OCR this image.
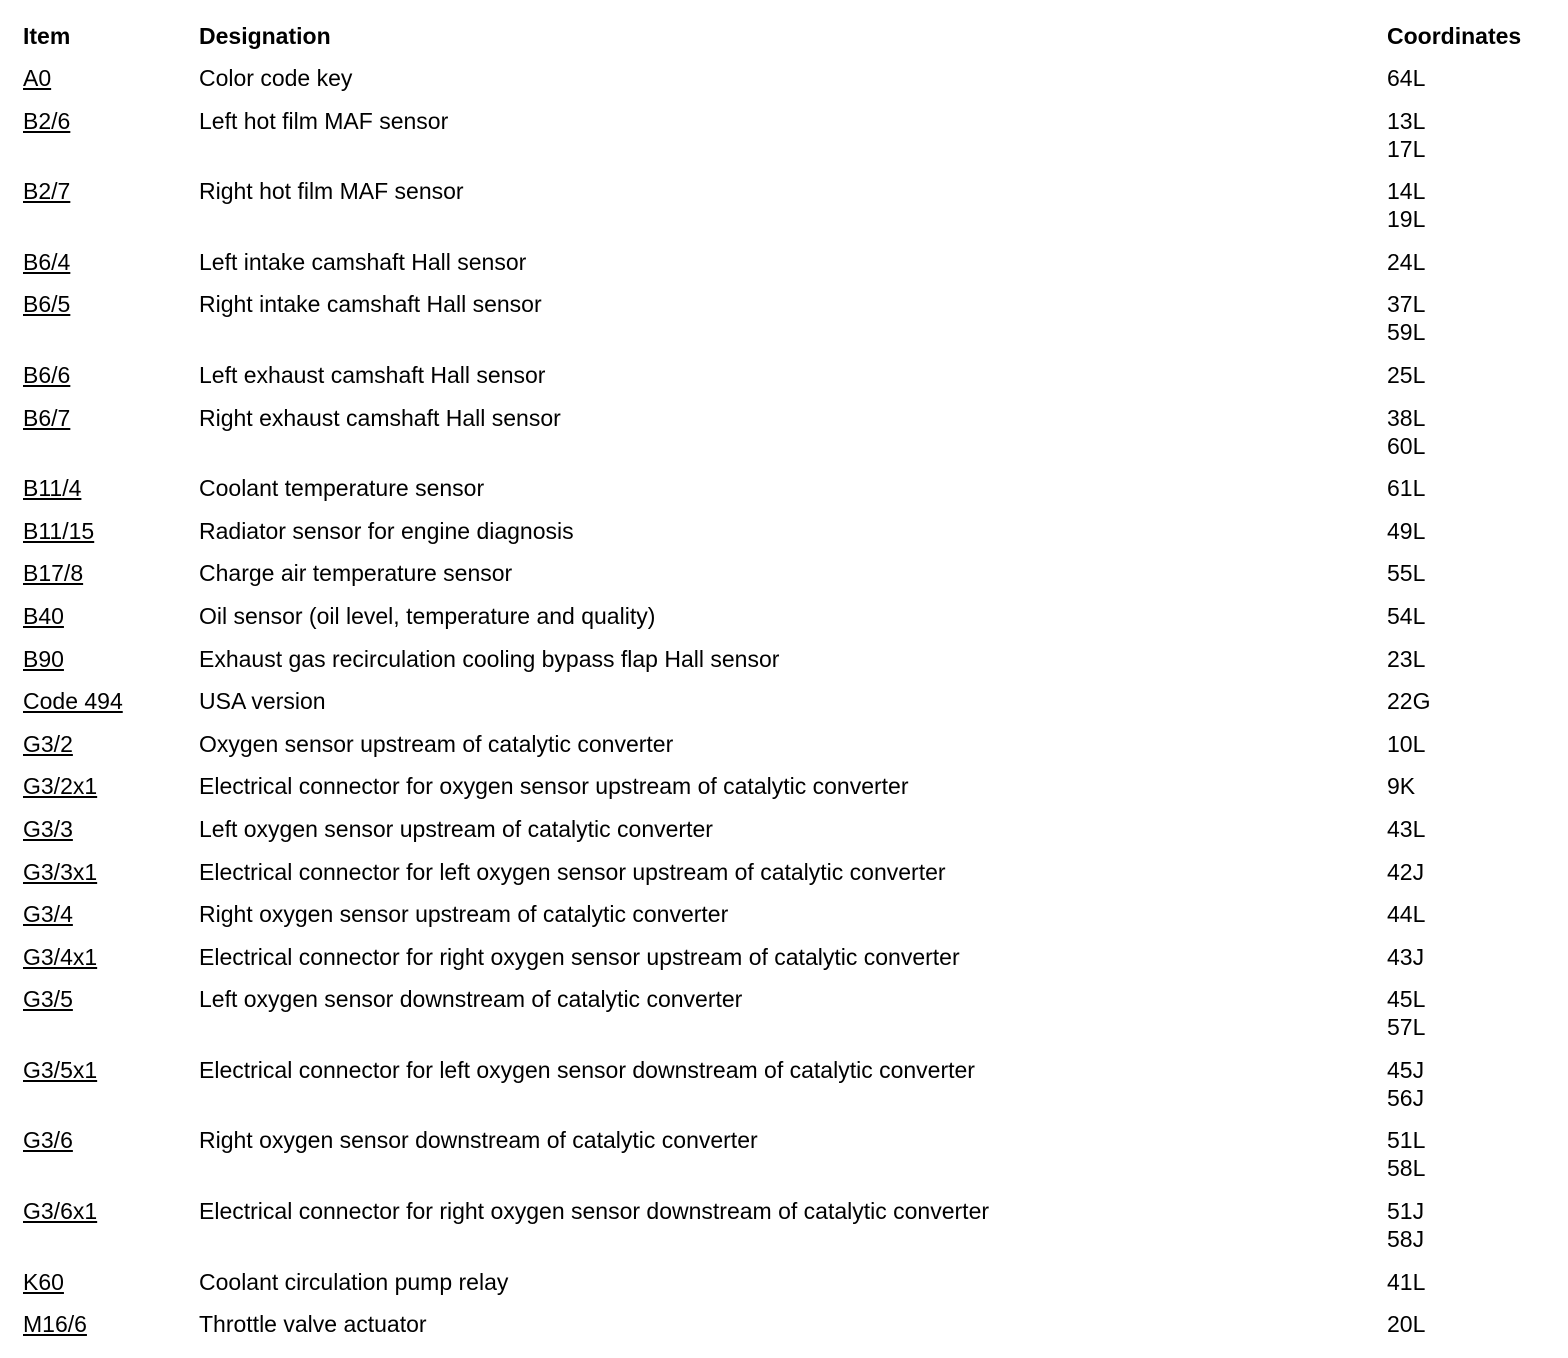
Item	Designation	Coordinates
A0	Color code key	64L

B2/6	Left hot film MAF sensor	13L
17L

B2/7	Right hot film MAF sensor	14L
19L

B6/4	Left intake camshaft Hall sensor	24L

B6/5	Right intake camshaft Hall sensor	37L
59L

B6/6	Left exhaust camshaft Hall sensor	25L

B6/7	Right exhaust camshaft Hall sensor	38L
60L

B11/4	Coolant temperature sensor	61L

B11/15	Radiator sensor for engine diagnosis	49L

B17/8	Charge air temperature sensor	55L

B40	Oil sensor (oil level, temperature and quality)	54L

B90	Exhaust gas recirculation cooling bypass flap Hall sensor	23L

Code 494	USA version	22G

G3/2	Oxygen sensor upstream of catalytic converter	10L

G3/2x1	Electrical connector for oxygen sensor upstream of catalytic converter	9K

G3/3	Left oxygen sensor upstream of catalytic converter	43L

G3/3x1	Electrical connector for left oxygen sensor upstream of catalytic converter	42J

G3/4	Right oxygen sensor upstream of catalytic converter	44L

G3/4x1	Electrical connector for right oxygen sensor upstream of catalytic converter	43J

G3/5	Left oxygen sensor downstream of catalytic converter	45L
57L

G3/5x1	Electrical connector for left oxygen sensor downstream of catalytic converter	45J
56J

G3/6	Right oxygen sensor downstream of catalytic converter	51L
58L

G3/6x1	Electrical connector for right oxygen sensor downstream of catalytic converter	51J
58J

K60	Coolant circulation pump relay	41L

M16/6	Throttle valve actuator	20L
